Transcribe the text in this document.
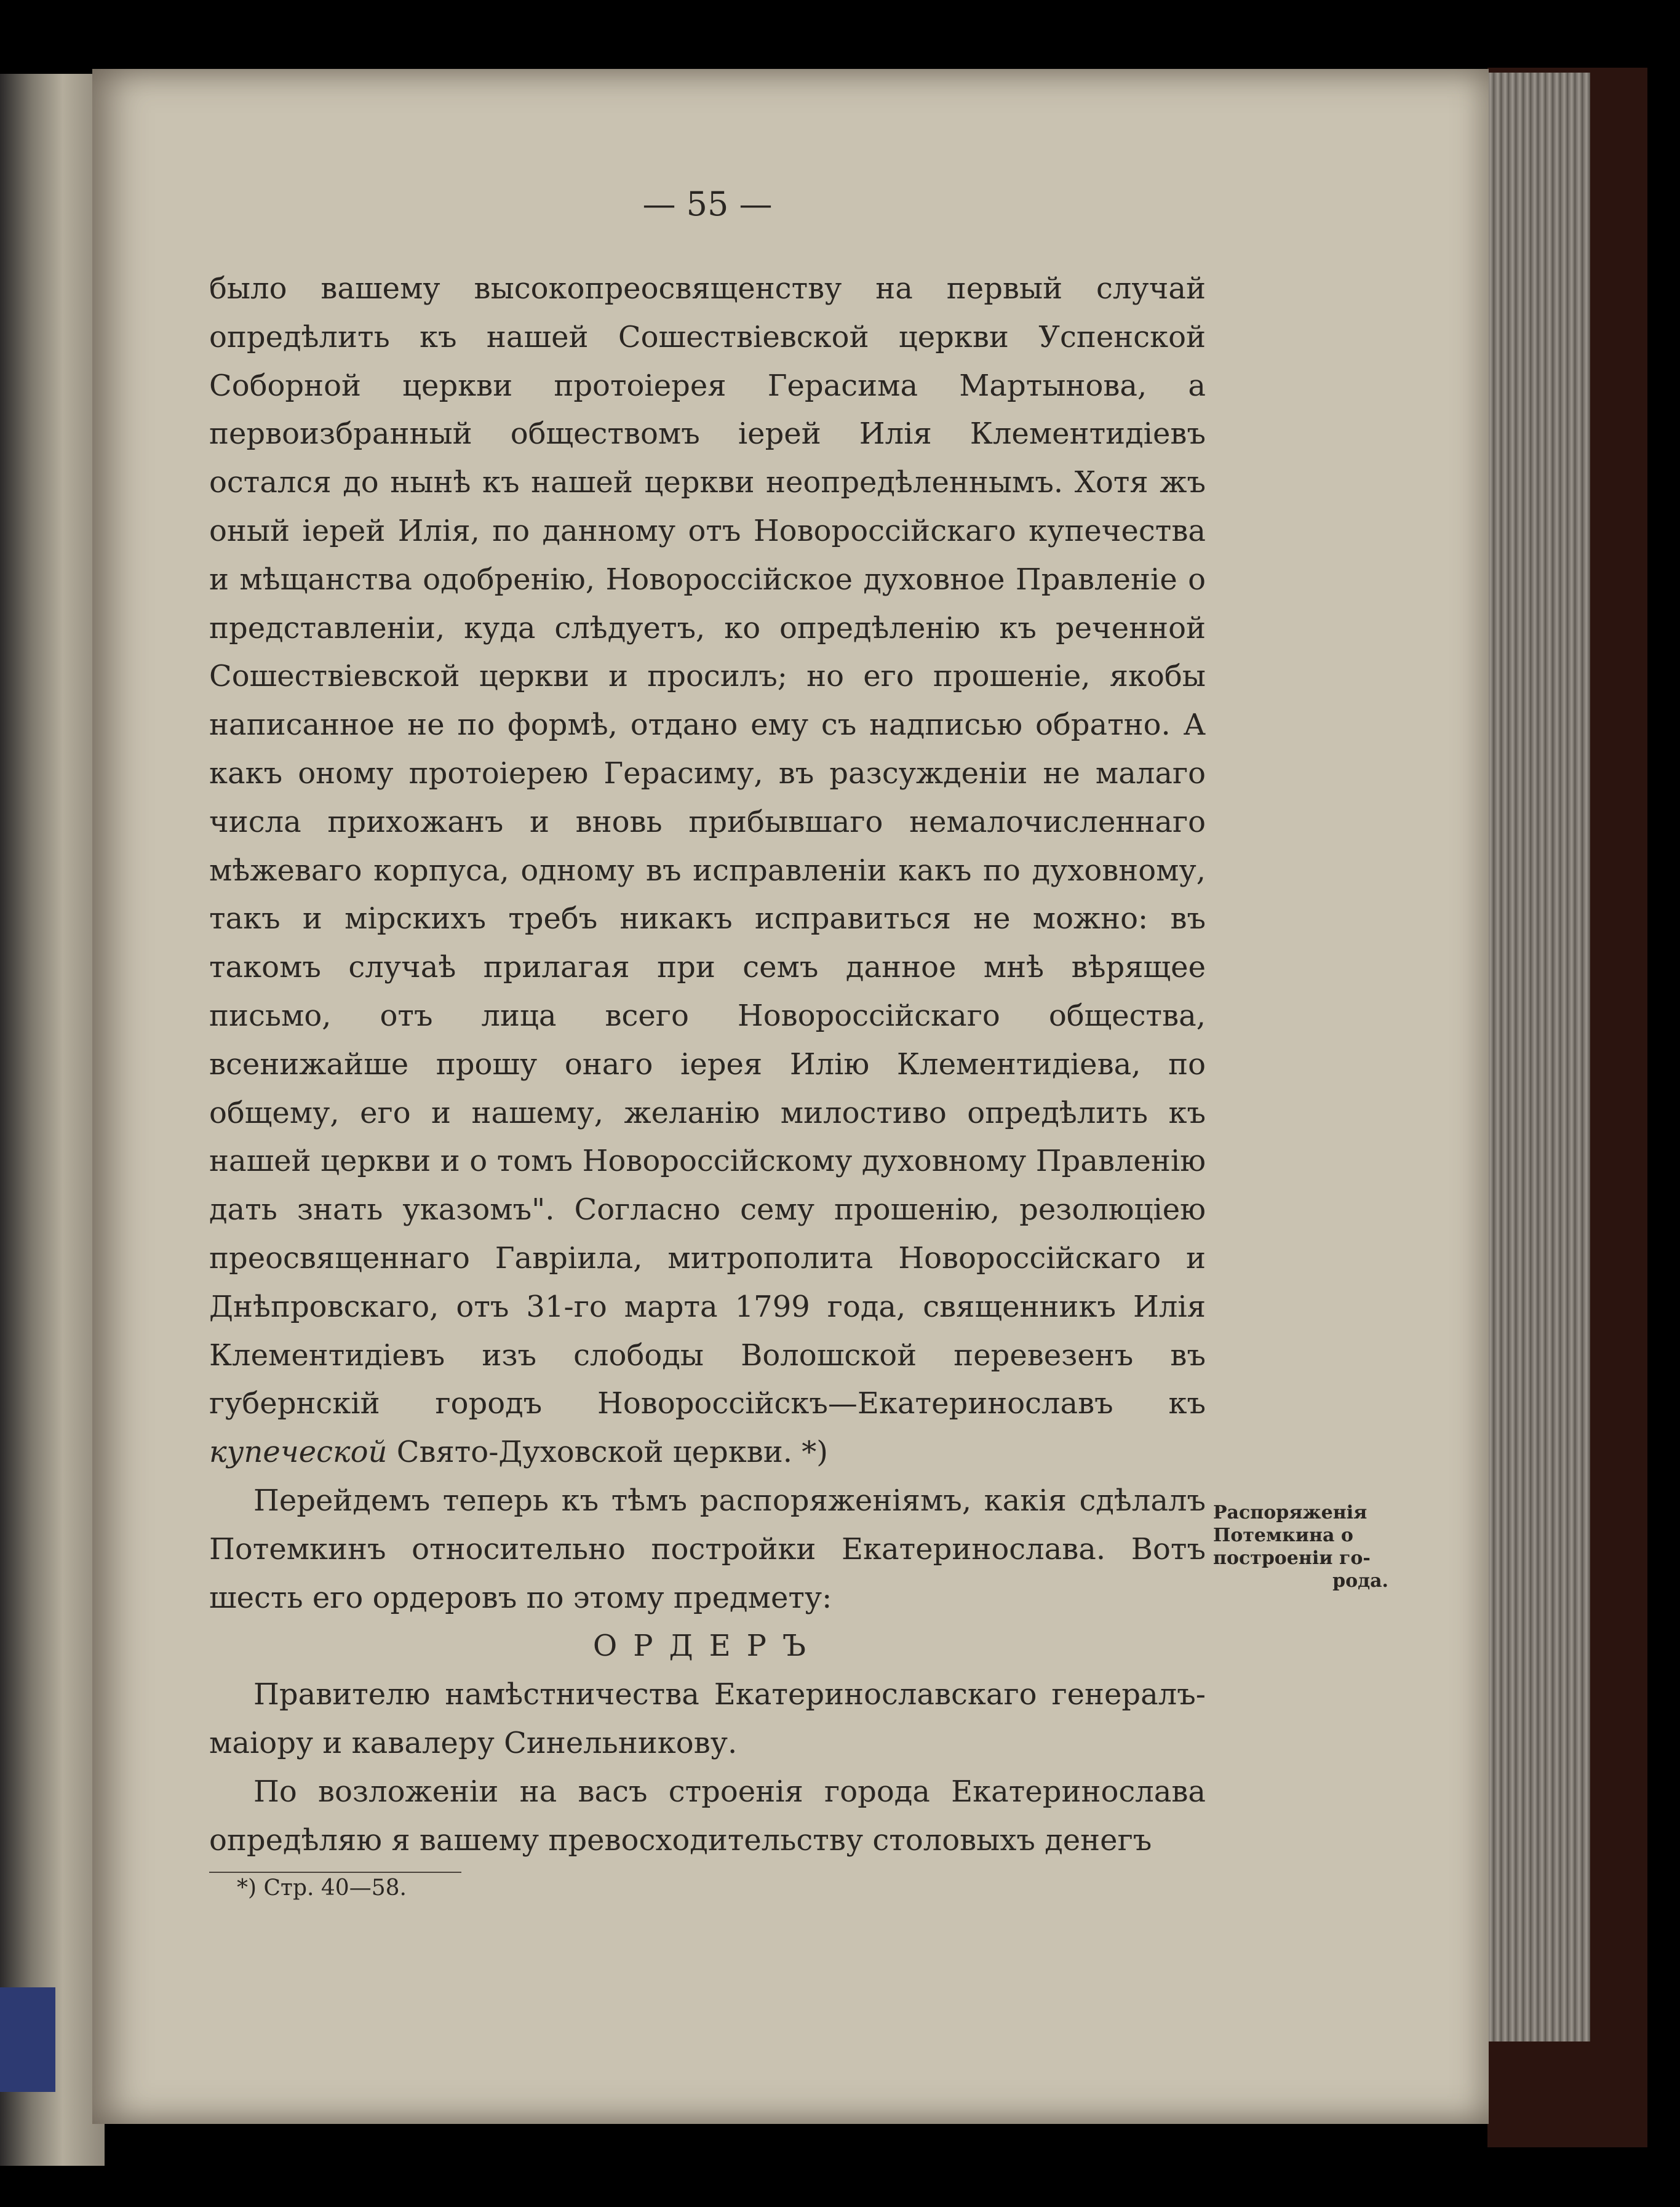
— 55 —

было вашему высокопреосвященству на первый случай опредѣлить къ нашей Сошествіевской церкви Успенской Соборной церкви протоіерея Герасима Мартынова, а первоизбранный обществомъ іерей Илія Клементидіевъ остался до нынѣ къ нашей церкви неопредѣленнымъ. Хотя жъ оный іерей Илія, по данному отъ Новороссійскаго купечества и мѣщанства одобренію, Новороссійское духовное Правленіе о представленіи, куда слѣдуетъ, ко опредѣленію къ реченной Сошествіевской церкви и просилъ; но его прошеніе, якобы написанное не по формѣ, отдано ему съ надписью обратно. А какъ оному протоіерею Герасиму, въ разсужденіи не малаго числа прихожанъ и вновь прибывшаго немалочисленнаго мѣжеваго корпуса, одному въ исправленіи какъ по духовному, такъ и мірскихъ требъ никакъ исправиться не можно: въ такомъ случаѣ прилагая при семъ данное мнѣ вѣрящее письмо, отъ лица всего Новороссійскаго общества, всенижайше прошу онаго іерея Илію Клементидіева, по общему, его и нашему, желанію милостиво опредѣлить къ нашей церкви и о томъ Новороссійскому духовному Правленію дать знать указомъ". Согласно сему прошенію, резолюціею преосвященнаго Гавріила, митрополита Новороссійскаго и Днѣпровскаго, отъ 31-го марта 1799 года, священникъ Илія Клементидіевъ изъ слободы Волошской перевезенъ въ губернскій городъ Новороссійскъ—Екатеринославъ къ купеческой Свято-Духовской церкви. *)

Перейдемъ теперь къ тѣмъ распоряженіямъ, какія сдѣлалъ Потемкинъ относительно постройки Екатеринослава. Вотъ шесть его ордеровъ по этому предмету:

ОРДЕРЪ

Правителю намѣстничества Екатеринославскаго генералъ-маіору и кавалеру Синельникову.

По возложеніи на васъ строенія города Екатеринослава опредѣляю я вашему превосходительству столовыхъ денегъ

Распоряженія
Потемкина о
построеніи го-
рода.
*) Стр. 40—58.
